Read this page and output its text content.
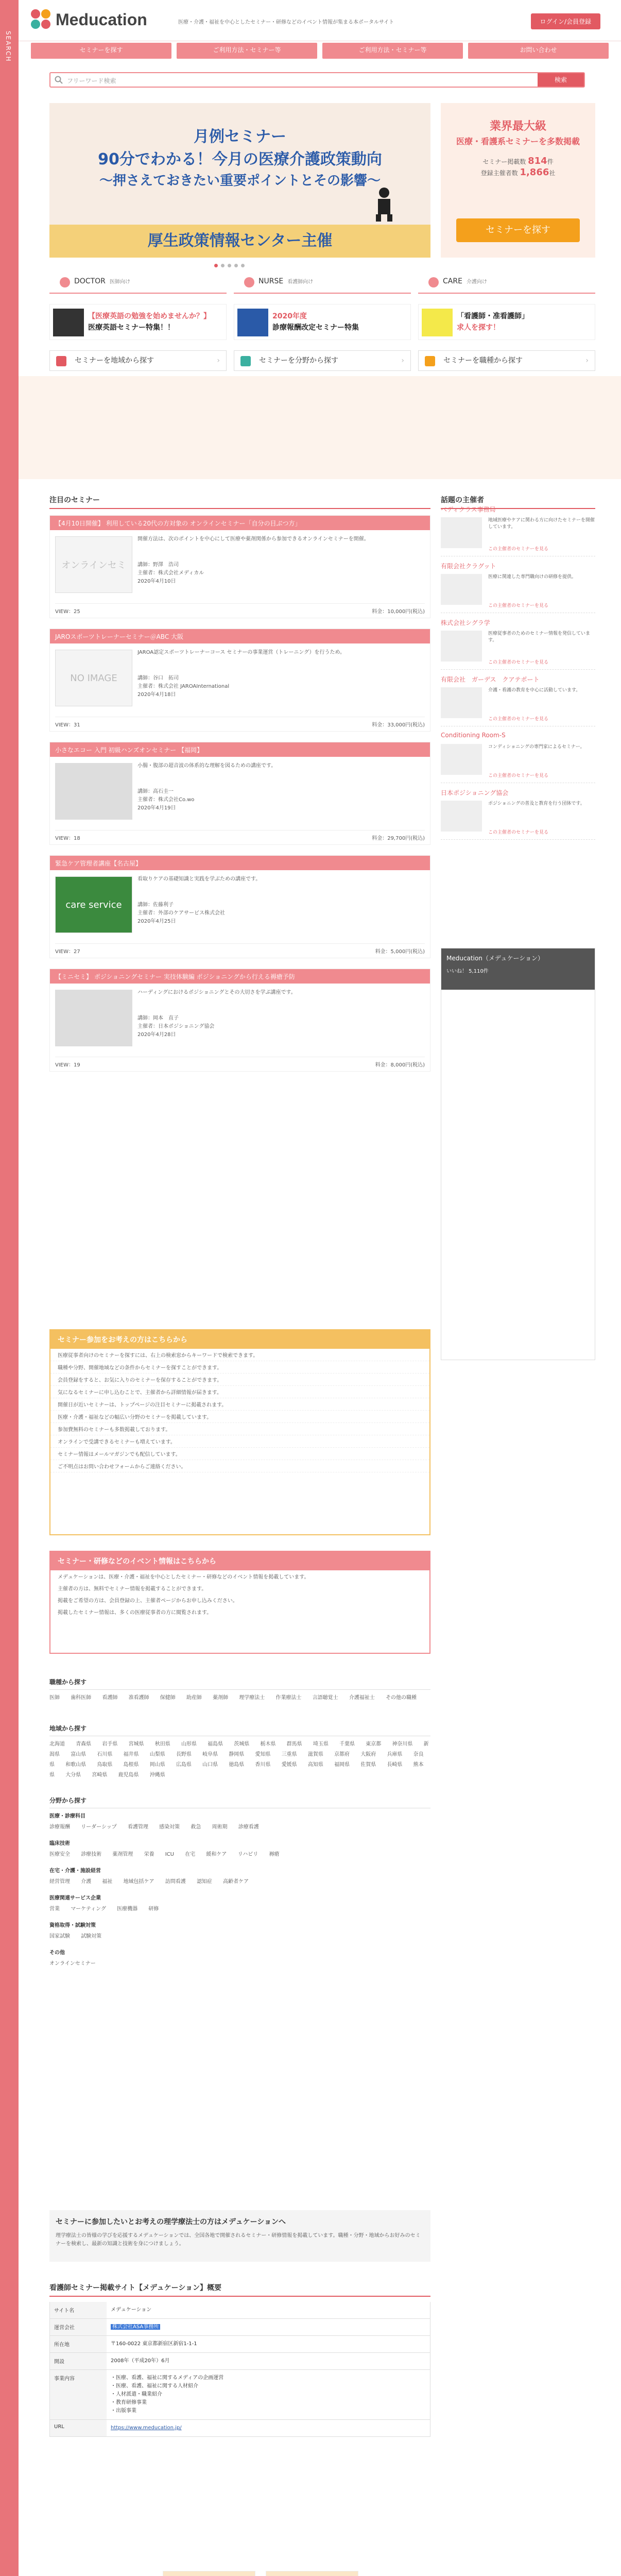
SEARCH
Meducation	医療・介護・福祉を中心としたセミナー・研修などのイベント情報が集まる本ポータルサイト	ログイン/会員登録
セミナーを探す	ご利用方法・セミナー等	ご利用方法・セミナー等	お問い合わせ
フリーワード検索	検索
月例セミナー
90分でわかる！今月の医療介護政策動向
～押さえておきたい重要ポイントとその影響～
厚生政策情報センター主催
業界最大級
医療・看護系セミナーを多数掲載
セミナー掲載数 814件
登録主催者数 1,866社
セミナーを探す
DOCTOR 医師向け	NURSE 看護師向け	CARE 介護向け
【医療英語の勉強を始めませんか？】
医療英語セミナー特集！！
2020年度
診療報酬改定セミナー特集
「看護師・准看護師」
求人を探す！
セミナーを地域から探す	›	セミナーを分野から探す	›	セミナーを職種から探す	›
注目のセミナー
【4月10日開催】 利用している20代の方対象の オンラインセミナー「自分の目ぶつ方」
オンラインセミ
開催方法は、次のポイントを中心にして医療や薬剤関係から参加できるオンラインセミナーを開催。
講師：野澤　浩司
主催者：株式会社メディカル
2020年4月10日
VIEW：25	料金：10,000円(税込)
JAROスポーツトレーナーセミナー＠ABC 大阪
NO IMAGE
JAROA認定スポーツトレーナーコース セミナーの事業運営（トレーニング）を行うため。
講師：谷口　拓司
主催者：株式会社 JAROAInternational
2020年4月18日
VIEW：31	料金：33,000円(税込)
小さなエコー 入門 初級ハンズオンセミナー 【福岡】
小腸・腹部の超音波の体系的な理解を図るための講座です。
講師：高石圭一
主催者：株式会社Co.wo
2020年4月19日
VIEW：18	料金：29,700円(税込)
緊急ケア管理者講座【名古屋】
care service
看取りケアの基礎知識と実践を学ぶための講座です。
講師：佐藤利子
主催者：外部のケアサービス株式会社
2020年4月25日
VIEW：27	料金：5,000円(税込)
【ミニセミ】 ポジショニングセミナー 実技体験編 ポジショニングから行える褥瘡予防
ハーディングにおけるポジショニングとその大切さを学ぶ講座です。
講師：岡本　直子
主催者：日本ポジショニング協会
2020年4月28日
VIEW：19	料金：8,000円(税込)
話題の主催者
ベディクラス事務局
地域医療やケアに関わる方に向けたセミナーを開催しています。
この主催者のセミナーを見る
有限会社クラグット
医療に関連した専門職向けの研修を提供。
この主催者のセミナーを見る
株式会社シグラ学
医療従事者のためのセミナー情報を発信しています。
この主催者のセミナーを見る
有限会社　ガーデス　クアテポート
介護・看護の教育を中心に活動しています。
この主催者のセミナーを見る
Conditioning Room-S
コンディショニングの専門家によるセミナー。
この主催者のセミナーを見る
日本ポジショニング協会
ポジショニングの普及と教育を行う団体です。
この主催者のセミナーを見る
Meducation（メデュケーション）
いいね！ 5,110件
セミナー参加をお考えの方はこちらから
医療従事者向けのセミナーを探すには、右上の検索窓からキーワードで検索できます。
職種や分野、開催地域などの条件からセミナーを探すことができます。
会員登録をすると、お気に入りのセミナーを保存することができます。
気になるセミナーに申し込むことで、主催者から詳細情報が届きます。
開催日が近いセミナーは、トップページの注目セミナーに掲載されます。
医療・介護・福祉などの幅広い分野のセミナーを掲載しています。
参加費無料のセミナーも多数掲載しております。
オンラインで受講できるセミナーも増えています。
セミナー情報はメールマガジンでも配信しています。
ご不明点はお問い合わせフォームからご連絡ください。
セミナー・研修などのイベント情報はこちらから
メデュケーションは、医療・介護・福祉を中心としたセミナー・研修などのイベント情報を掲載しています。
主催者の方は、無料でセミナー情報を掲載することができます。
掲載をご希望の方は、会員登録の上、主催者ページからお申し込みください。
掲載したセミナー情報は、多くの医療従事者の方に閲覧されます。
職種から探す
医師 歯科医師 看護師 准看護師 保健師 助産師 薬剤師 理学療法士 作業療法士 言語聴覚士 介護福祉士 その他の職種
地域から探す
北海道 青森県 岩手県 宮城県 秋田県 山形県 福島県 茨城県 栃木県 群馬県 埼玉県 千葉県 東京都 神奈川県 新潟県 富山県 石川県 福井県 山梨県 長野県 岐阜県 静岡県 愛知県 三重県 滋賀県 京都府 大阪府 兵庫県 奈良県 和歌山県 鳥取県 島根県 岡山県 広島県 山口県 徳島県 香川県 愛媛県 高知県 福岡県 佐賀県 長崎県 熊本県 大分県 宮崎県 鹿児島県 沖縄県
分野から探す
医療・診療科目
診療報酬 リーダーシップ 看護管理 感染対策 救急 周術期 診療看護
臨床技術
医療安全 診療技術 薬剤管理 栄養 ICU 在宅 緩和ケア リハビリ 褥瘡
在宅・介護・施設経営
経営管理 介護 福祉 地域包括ケア 訪問看護 認知症 高齢者ケア
医療関連サービス企業
営業 マーケティング 医療機器 研修
資格取得・試験対策
国家試験 試験対策
その他
オンラインセミナー
セミナーに参加したいとお考えの理学療法士の方はメデュケーションへ
理学療法士の皆様の学びを応援するメデュケーションでは、全国各地で開催されるセミナー・研修情報を掲載しています。職種・分野・地域からお好みのセミナーを検索し、最新の知識と技術を身につけましょう。
看護師セミナー掲載サイト【メデュケーション】概要
サイト名	メデュケーション
運営会社	株式会社ASA事務所
所在地	〒160-0022 東京都新宿区新宿1-1-1
開設	2008年（平成20年）6月
事業内容	・医療、看護、福祉に関するメディアの企画運営
・医療、看護、福祉に関する人材紹介
・人材派遣・職業紹介
・教育研修事業
・出版事業
URL	https://www.meducation.jp/
